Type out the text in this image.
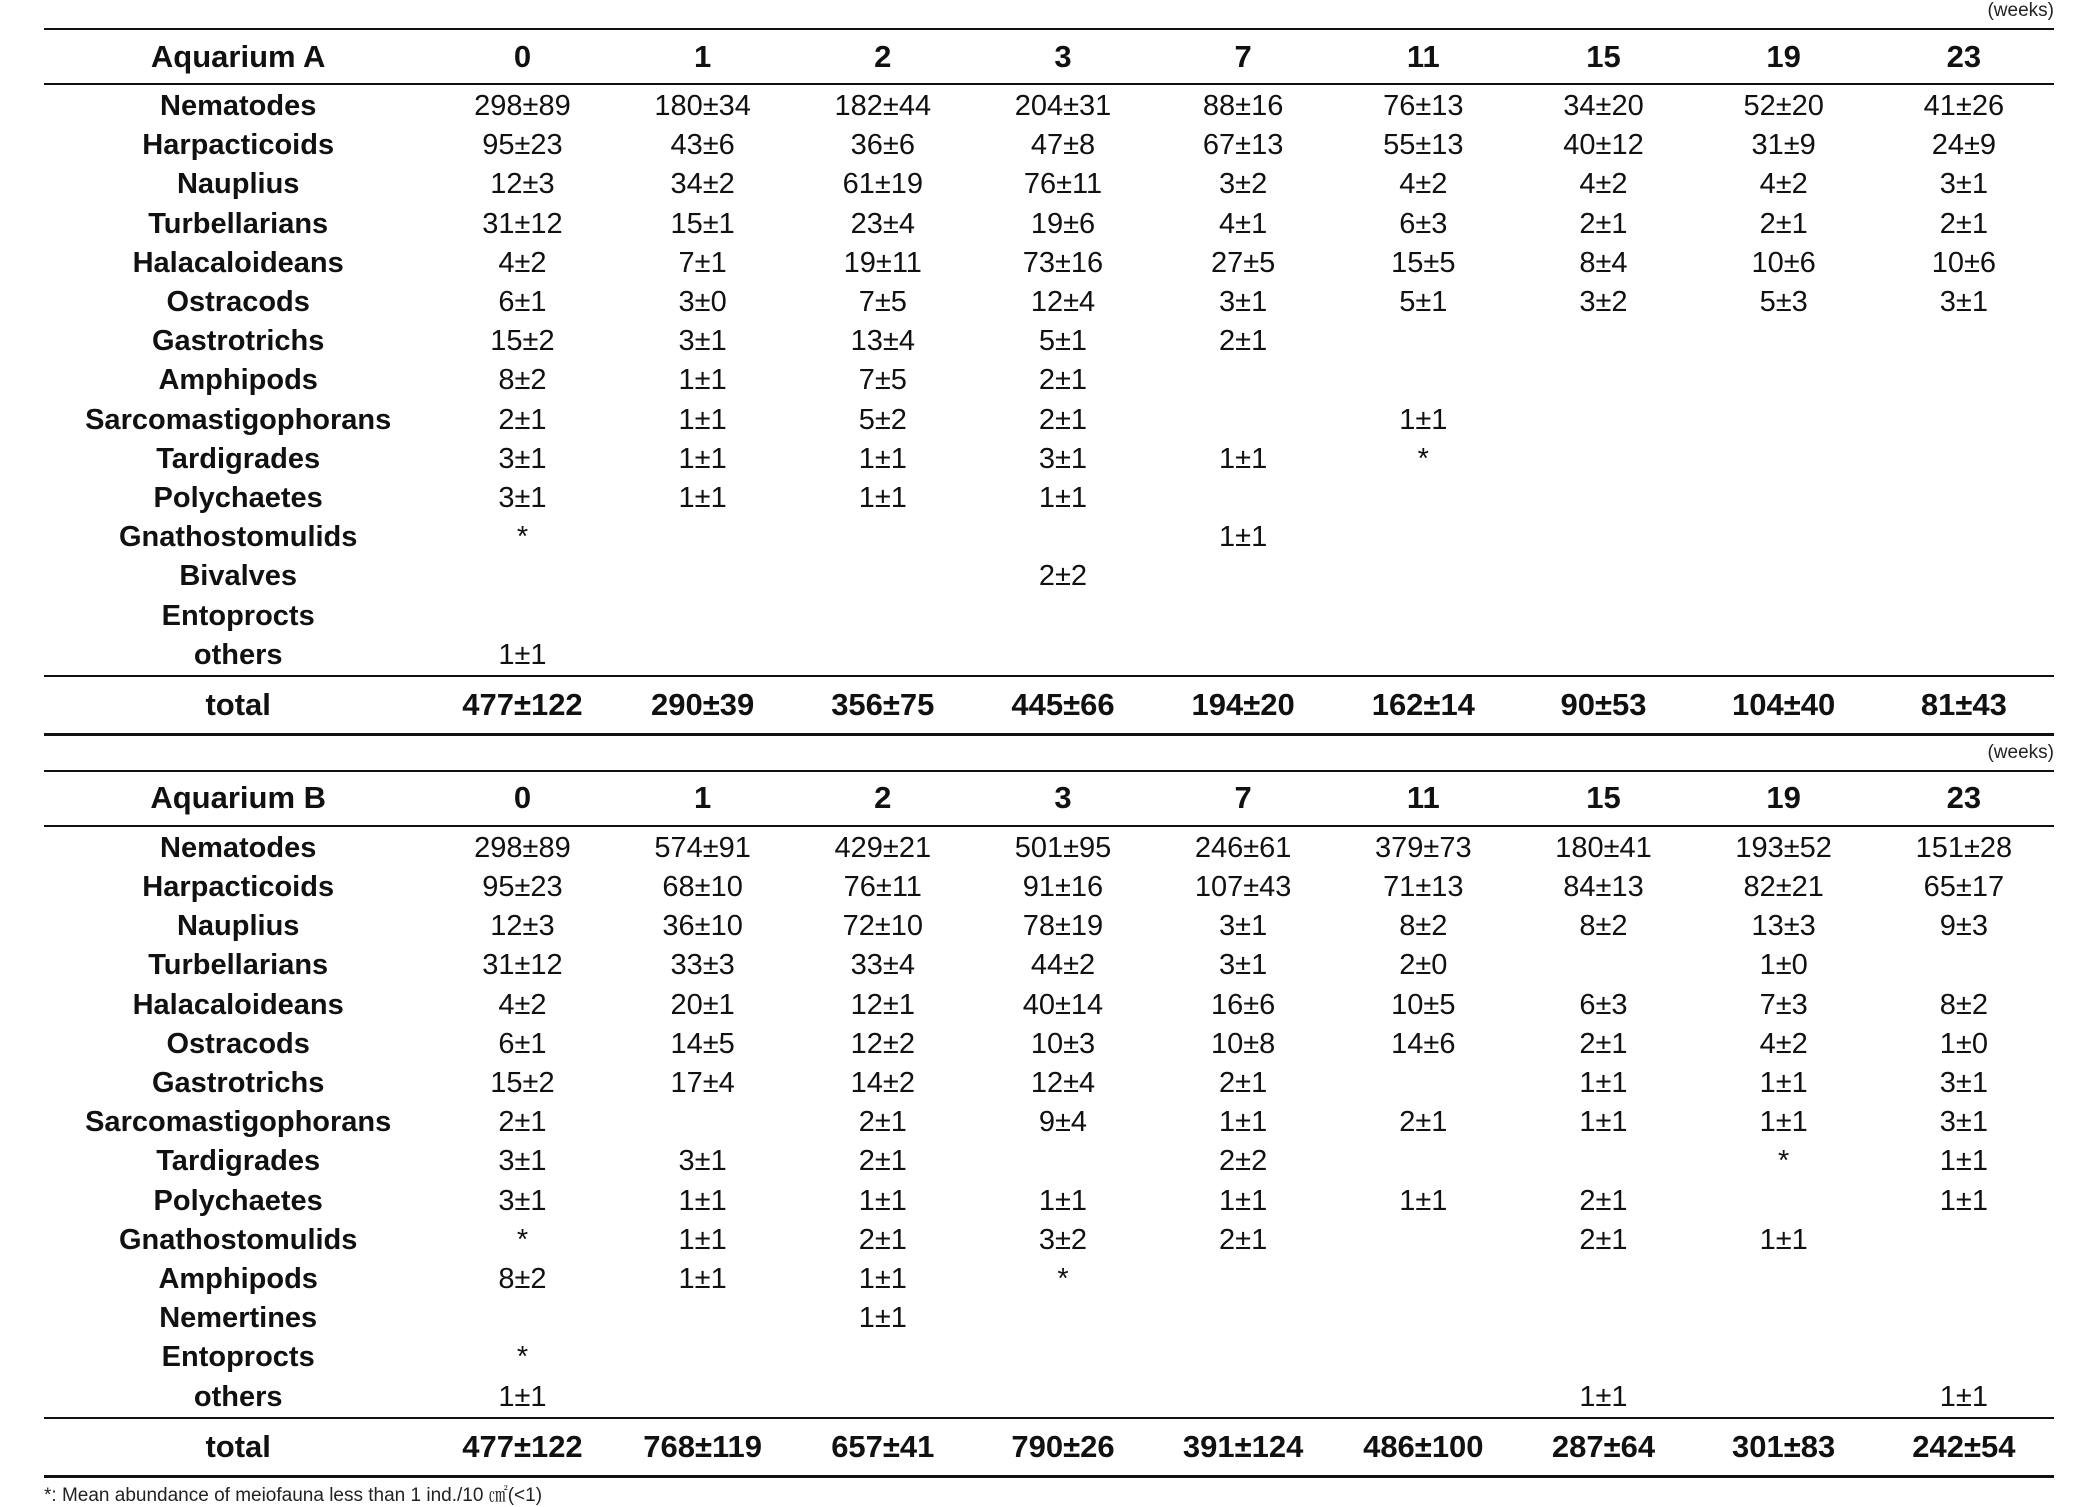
(weeks)
Aquarium A	0	1	2	3	7	11	15	19	23
Nematodes	298±89	180±34	182±44	204±31	88±16	76±13	34±20	52±20	41±26
Harpacticoids	95±23	43±6	36±6	47±8	67±13	55±13	40±12	31±9	24±9
Nauplius	12±3	34±2	61±19	76±11	3±2	4±2	4±2	4±2	3±1
Turbellarians	31±12	15±1	23±4	19±6	4±1	6±3	2±1	2±1	2±1
Halacaloideans	4±2	7±1	19±11	73±16	27±5	15±5	8±4	10±6	10±6
Ostracods	6±1	3±0	7±5	12±4	3±1	5±1	3±2	5±3	3±1
Gastrotrichs	15±2	3±1	13±4	5±1	2±1				
Amphipods	8±2	1±1	7±5	2±1					
Sarcomastigophorans	2±1	1±1	5±2	2±1		1±1			
Tardigrades	3±1	1±1	1±1	3±1	1±1	*			
Polychaetes	3±1	1±1	1±1	1±1					
Gnathostomulids	*				1±1				
Bivalves				2±2					
Entoprocts									
others	1±1								
total	477±122	290±39	356±75	445±66	194±20	162±14	90±53	104±40	81±43
(weeks)
Aquarium B	0	1	2	3	7	11	15	19	23
Nematodes	298±89	574±91	429±21	501±95	246±61	379±73	180±41	193±52	151±28
Harpacticoids	95±23	68±10	76±11	91±16	107±43	71±13	84±13	82±21	65±17
Nauplius	12±3	36±10	72±10	78±19	3±1	8±2	8±2	13±3	9±3
Turbellarians	31±12	33±3	33±4	44±2	3±1	2±0		1±0	
Halacaloideans	4±2	20±1	12±1	40±14	16±6	10±5	6±3	7±3	8±2
Ostracods	6±1	14±5	12±2	10±3	10±8	14±6	2±1	4±2	1±0
Gastrotrichs	15±2	17±4	14±2	12±4	2±1		1±1	1±1	3±1
Sarcomastigophorans	2±1		2±1	9±4	1±1	2±1	1±1	1±1	3±1
Tardigrades	3±1	3±1	2±1		2±2			*	1±1
Polychaetes	3±1	1±1	1±1	1±1	1±1	1±1	2±1		1±1
Gnathostomulids	*	1±1	2±1	3±2	2±1		2±1	1±1	
Amphipods	8±2	1±1	1±1	*					
Nemertines			1±1						
Entoprocts	*								
others	1±1						1±1		1±1
total	477±122	768±119	657±41	790±26	391±124	486±100	287±64	301±83	242±54
*: Mean abundance of meiofauna less than 1 ind./10 ㎠(<1)
